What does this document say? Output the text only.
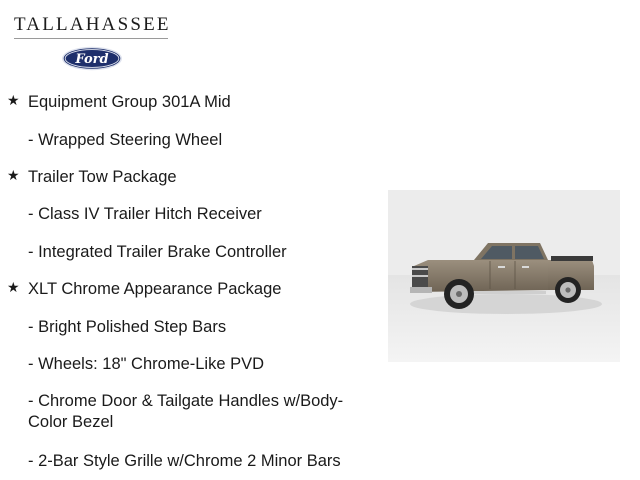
TALLAHASSEE
Ford
★ Equipment Group 301A Mid
- Wrapped Steering Wheel
★ Trailer Tow Package
- Class IV Trailer Hitch Receiver
- Integrated Trailer Brake Controller
★ XLT Chrome Appearance Package
- Bright Polished Step Bars
- Wheels: 18" Chrome-Like PVD
- Chrome Door & Tailgate Handles w/Body-Color Bezel
- 2-Bar Style Grille w/Chrome 2 Minor Bars
